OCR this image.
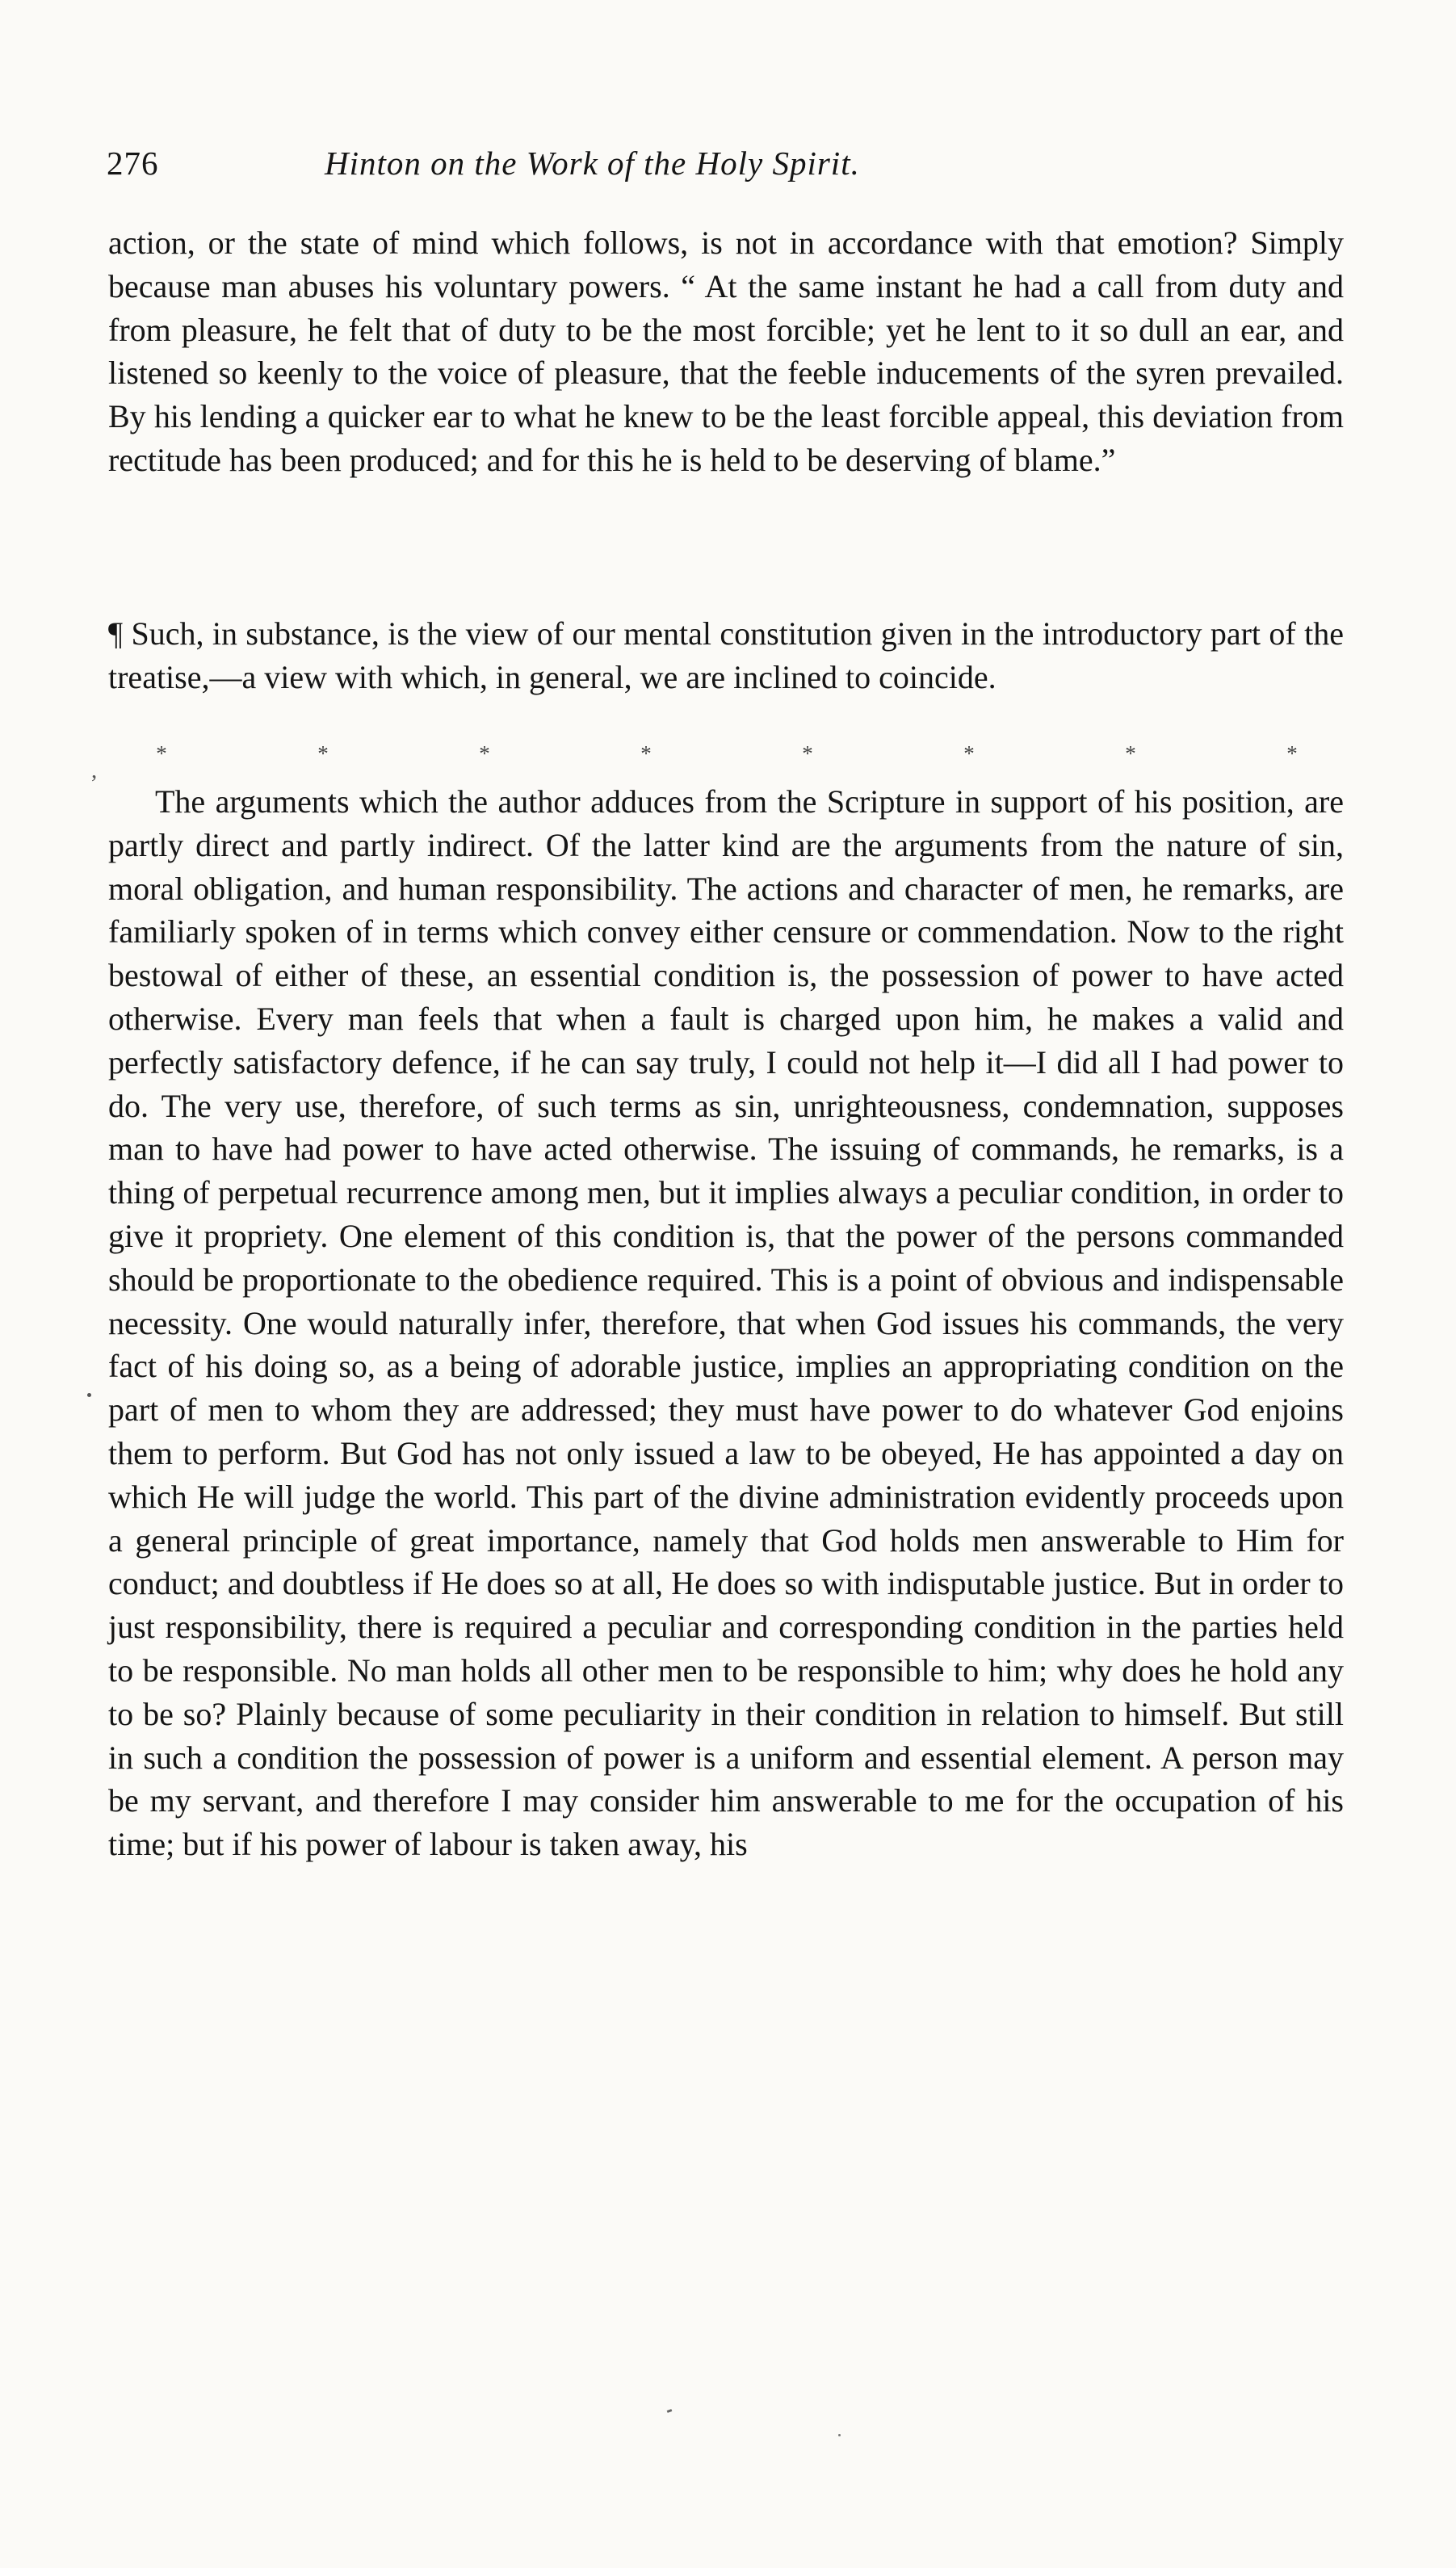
276	Hinton on the Work of the Holy Spirit.

action, or the state of mind which follows, is not in accordance with that emotion? Simply because man abuses his voluntary powers. “ At the same instant he had a call from duty and from pleasure, he felt that of duty to be the most forcible; yet he lent to it so dull an ear, and listened so keenly to the voice of pleasure, that the feeble inducements of the syren prevailed. By his lending a quicker ear to what he knew to be the least forcible appeal, this deviation from rectitude has been produced; and for this he is held to be deserving of blame.”

¶ Such, in substance, is the view of our mental constitution given in the introductory part of the treatise,—a view with which, in general, we are inclined to coincide.

,
*	*	*	*	*	*	*	*

The arguments which the author adduces from the Scripture in support of his position, are partly direct and partly indirect. Of the latter kind are the arguments from the nature of sin, moral obligation, and human responsibility. The actions and character of men, he remarks, are familiarly spoken of in terms which convey either censure or commendation. Now to the right bestowal of either of these, an essential condition is, the possession of power to have acted otherwise. Every man feels that when a fault is charged upon him, he makes a valid and perfectly satisfactory defence, if he can say truly, I could not help it—I did all I had power to do. The very use, therefore, of such terms as sin, unrighteousness, condemnation, supposes man to have had power to have acted otherwise. The issuing of commands, he remarks, is a thing of perpetual recurrence among men, but it implies always a peculiar condition, in order to give it propriety. One element of this condition is, that the power of the persons commanded should be proportionate to the obedience required. This is a point of obvious and indispensable necessity. One would naturally infer, therefore, that when God issues his commands, the very fact of his doing so, as a being of adorable justice, implies an appropriating condition on the part of men to whom they are addressed; they must have power to do whatever God enjoins them to perform. But God has not only issued a law to be obeyed, He has appointed a day on which He will judge the world. This part of the divine administration evidently proceeds upon a general principle of great importance, namely that God holds men answerable to Him for conduct; and doubtless if He does so at all, He does so with indisputable justice. But in order to just responsibility, there is required a peculiar and corresponding condition in the parties held to be responsible. No man holds all other men to be responsible to him; why does he hold any to be so? Plainly because of some peculiarity in their condition in relation to himself. But still in such a condition the possession of power is a uniform and essential element. A person may be my servant, and therefore I may consider him answerable to me for the occupation of his time; but if his power of labour is taken away, his
